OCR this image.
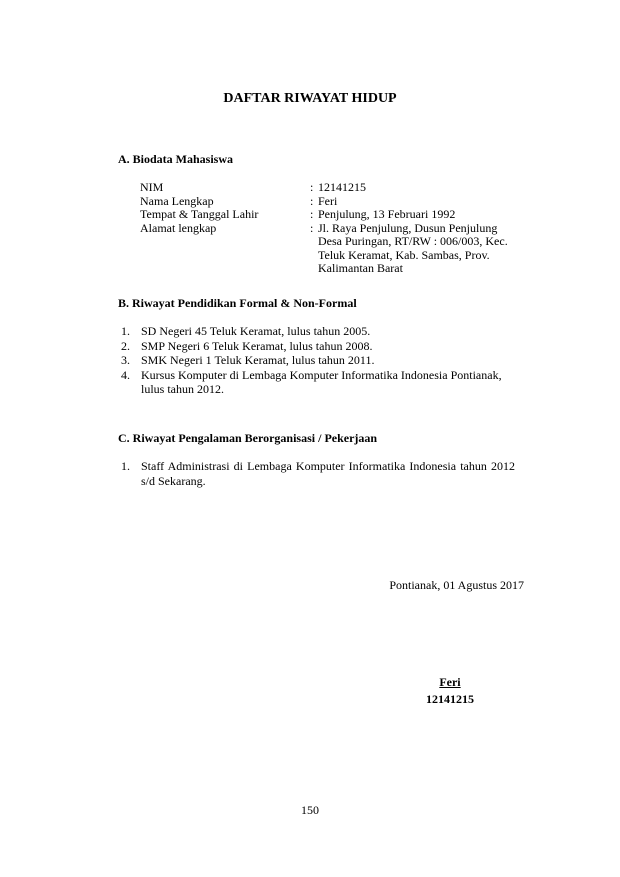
DAFTAR RIWAYAT HIDUP
A. Biodata Mahasiswa
NIM	: 12141215
Nama Lengkap	: Feri
Tempat & Tanggal Lahir	: Penjulung, 13 Februari 1992
Alamat lengkap	: Jl. Raya Penjulung, Dusun Penjulung Desa Puringan, RT/RW : 006/003, Kec. Teluk Keramat, Kab. Sambas, Prov. Kalimantan Barat
B. Riwayat Pendidikan Formal & Non-Formal
1. SD Negeri 45 Teluk Keramat, lulus tahun 2005.
2. SMP Negeri 6 Teluk Keramat, lulus tahun 2008.
3. SMK Negeri 1 Teluk Keramat, lulus tahun 2011.
4. Kursus Komputer di Lembaga Komputer Informatika Indonesia Pontianak, lulus tahun 2012.
C. Riwayat Pengalaman Berorganisasi / Pekerjaan
1. Staff Administrasi di Lembaga Komputer Informatika Indonesia tahun 2012 s/d Sekarang.
Pontianak, 01 Agustus 2017
Feri
12141215
150
